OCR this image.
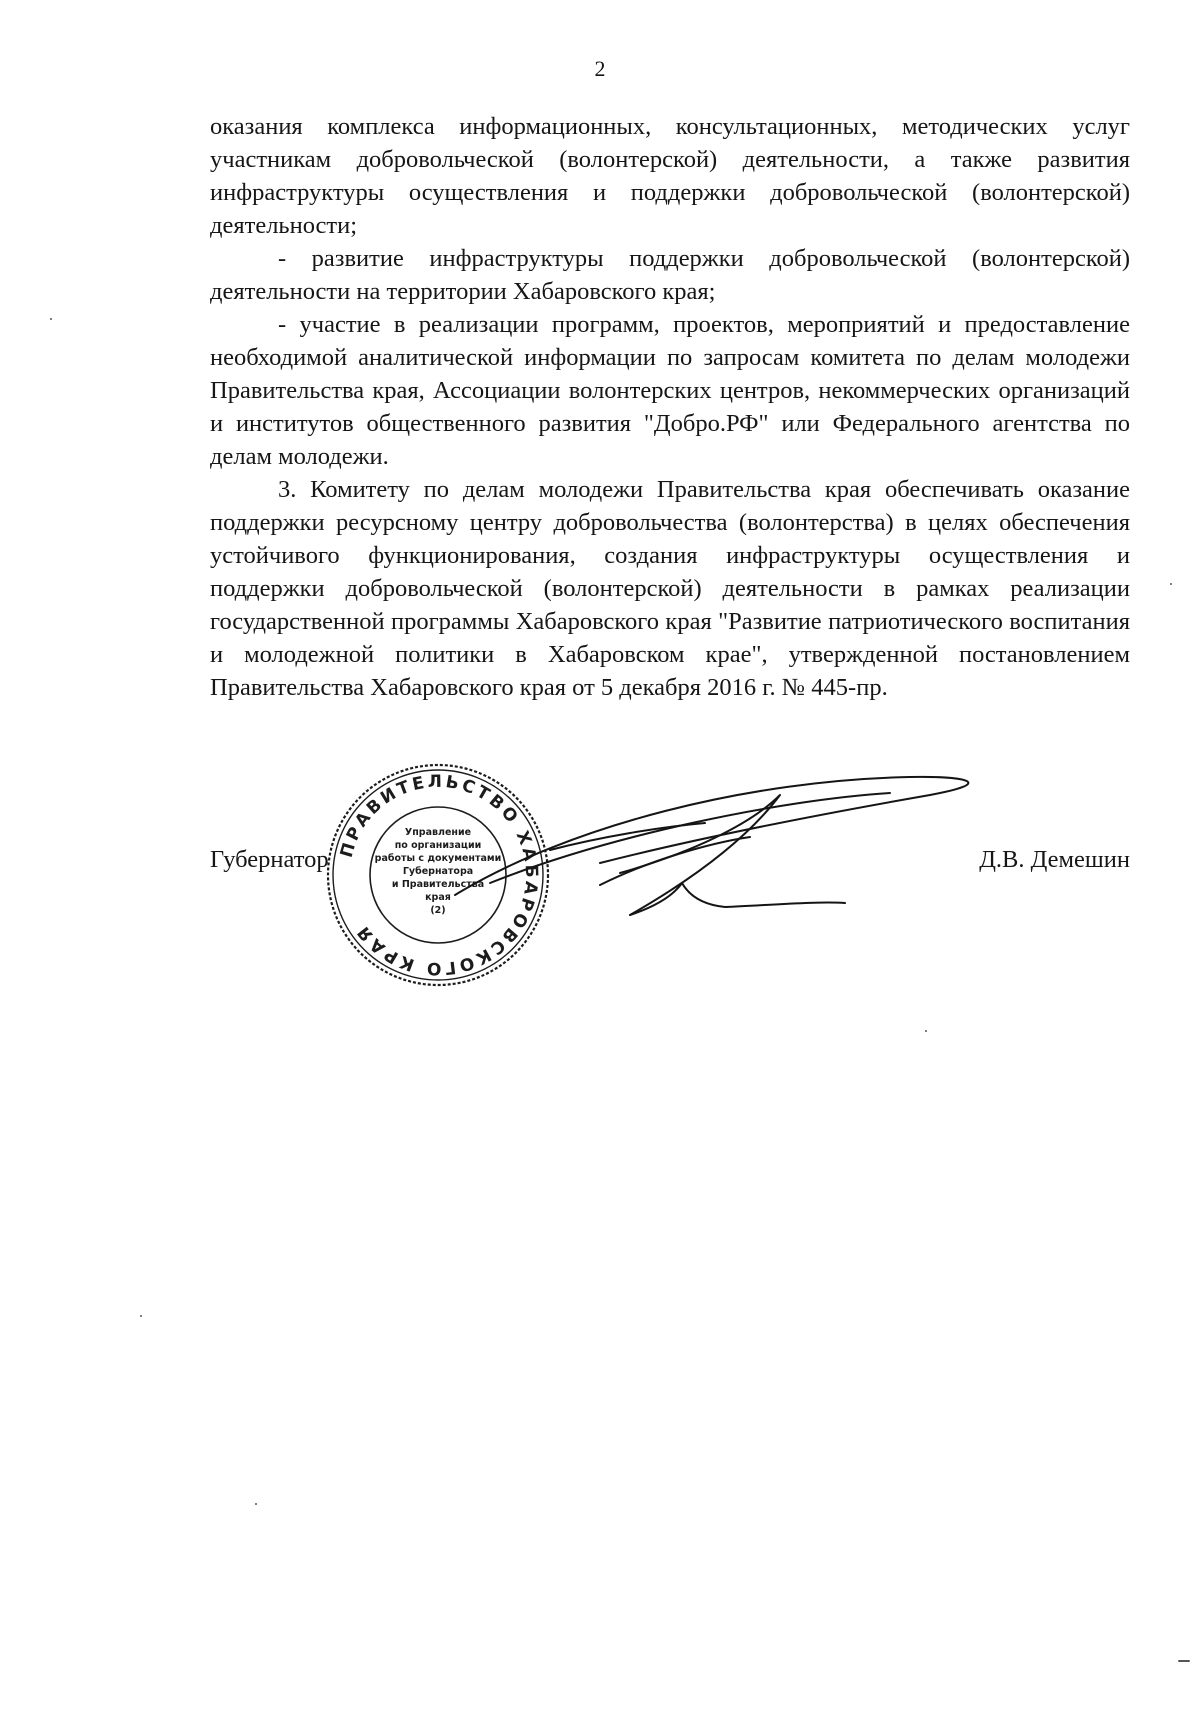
2

оказания комплекса информационных, консультационных, методических услуг участникам добровольческой (волонтерской) деятельности, а также развития инфраструктуры осуществления и поддержки добровольческой (волонтерской) деятельности;

- развитие инфраструктуры поддержки добровольческой (волонтерской) деятельности на территории Хабаровского края;

- участие в реализации программ, проектов, мероприятий и предоставление необходимой аналитической информации по запросам комитета по делам молодежи Правительства края, Ассоциации волонтерских центров, некоммерческих организаций и институтов общественного развития "Добро.РФ" или Федерального агентства по делам молодежи.

3. Комитету по делам молодежи Правительства края обеспечивать оказание поддержки ресурсному центру добровольчества (волонтерства) в целях обеспечения устойчивого функционирования, создания инфраструктуры осуществления и поддержки добровольческой (волонтерской) деятельности в рамках реализации государственной программы Хабаровского края "Развитие патриотического воспитания и молодежной политики в Хабаровском крае", утвержденной постановлением Правительства Хабаровского края от 5 декабря 2016 г. № 445-пр.

Губернатор	Д.В. Демешин
ПРАВИТЕЛЬСТВО ХАБАРОВСКОГО КРАЯ
Управление
по организации
работы с документами
Губернатора
и Правительства
края
(2)
